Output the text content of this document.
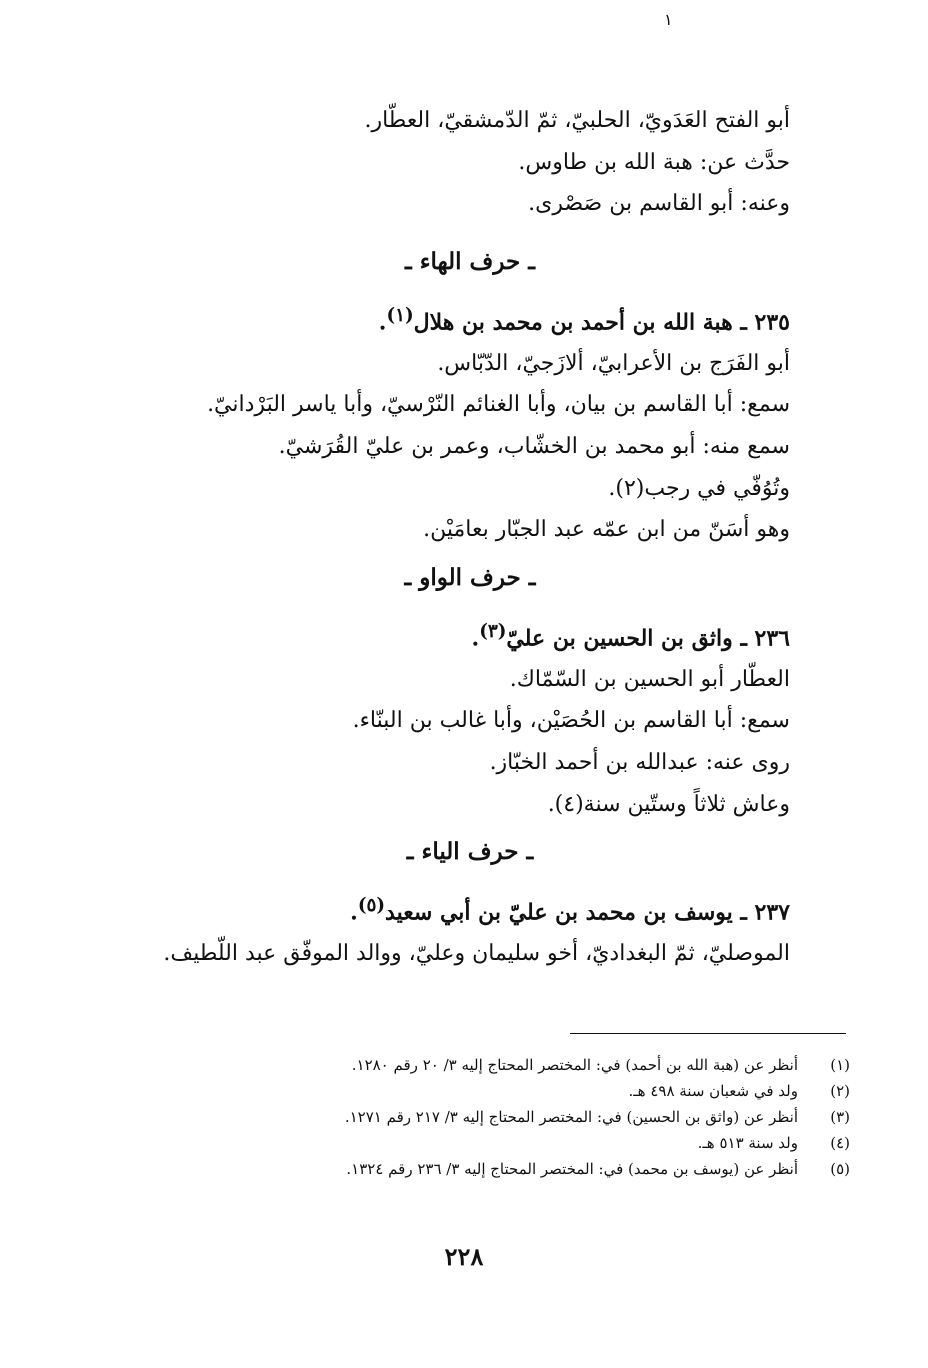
١

أبو الفتح العَدَويّ، الحلبيّ، ثمّ الدّمشقيّ، العطّار.

حدَّث عن: هبة الله بن طاوس.

وعنه: أبو القاسم بن صَصْرى.

ـ حرف الهاء ـ

٢٣٥ ـ هبة الله بن أحمد بن محمد بن هلال$^{(١)}$.

أبو الفَرَج بن الأعرابيّ، ألازَجيّ، الدّبّاس.

سمع: أبا القاسم بن بيان، وأبا الغنائم النّرْسيّ، وأبا ياسر البَرْدانيّ.

سمع منه: أبو محمد بن الخشّاب، وعمر بن عليّ القُرَشيّ.

وتُوُفّي في رجب(٢).

وهو أسَنّ من ابن عمّه عبد الجبّار بعامَيْن.

ـ حرف الواو ـ

٢٣٦ ـ واثق بن الحسين بن عليّ$^{(٣)}$.

العطّار أبو الحسين بن السّمّاك.

سمع: أبا القاسم بن الحُصَيْن، وأبا غالب بن البنّاء.

روى عنه: عبدالله بن أحمد الخبّاز.

وعاش ثلاثاً وستّين سنة(٤).

ـ حرف الياء ـ

٢٣٧ ـ يوسف بن محمد بن عليّ بن أبي سعيد$^{(٥)}$.

الموصليّ، ثمّ البغداديّ، أخو سليمان وعليّ، ووالد الموفّق عبد اللّطيف.

(١)
أنظر عن (هبة الله بن أحمد) في: المختصر المحتاج إليه ٣/ ٢٠ رقم ١٢٨٠.
(٢)
ولد في شعبان سنة ٤٩٨ هـ.
(٣)
أنظر عن (واثق بن الحسين) في: المختصر المحتاج إليه ٣/ ٢١٧ رقم ١٢٧١.
(٤)
ولد سنة ٥١٣ هـ.
(٥)
أنظر عن (يوسف بن محمد) في: المختصر المحتاج إليه ٣/ ٢٣٦ رقم ١٣٢٤.
٢٢٨
